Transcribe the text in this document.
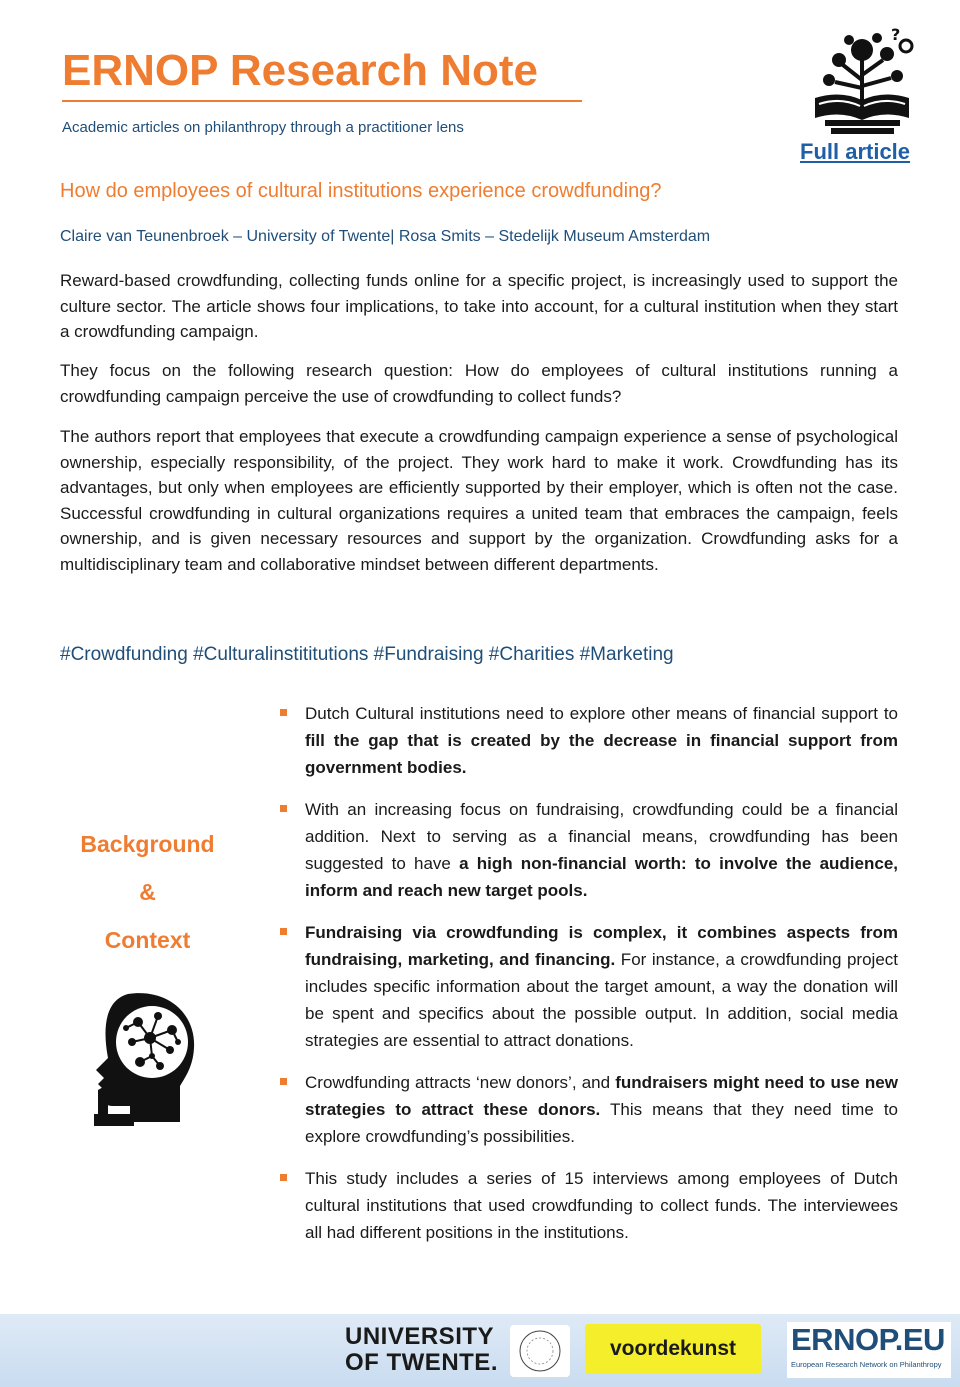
ERNOP Research Note
Academic articles on philanthropy through a practitioner lens
Full article
?
How do employees of cultural institutions experience crowdfunding?
Claire van Teunenbroek – University of Twente| Rosa Smits – Stedelijk Museum Amsterdam
Reward-based crowdfunding, collecting funds online for a specific project, is increasingly used to support the culture sector. The article shows four implications, to take into account, for a cultural institution when they start a crowdfunding campaign.
They focus on the following research question: How do employees of cultural institutions running a crowdfunding campaign perceive the use of crowdfunding to collect funds?
The authors report that employees that execute a crowdfunding campaign experience a sense of psychological ownership, especially responsibility, of the project. They work hard to make it work. Crowdfunding has its advantages, but only when employees are efficiently supported by their employer, which is often not the case. Successful crowdfunding in cultural organizations requires a united team that embraces the campaign, feels ownership, and is given necessary resources and support by the organization. Crowdfunding asks for a multidisciplinary team and collaborative mindset between different departments.
#Crowdfunding #Culturalinstititutions #Fundraising #Charities #Marketing
Background
&
Context
Dutch Cultural institutions need to explore other means of financial support to fill the gap that is created by the decrease in financial support from government bodies.
With an increasing focus on fundraising, crowdfunding could be a financial addition. Next to serving as a financial means, crowdfunding has been suggested to have a high non-financial worth: to involve the audience, inform and reach new target pools.
Fundraising via crowdfunding is complex, it combines aspects from fundraising, marketing, and financing. For instance, a crowdfunding project includes specific information about the target amount, a way the donation will be spent and specifics about the possible output. In addition, social media strategies are essential to attract donations.
Crowdfunding attracts ‘new donors’, and fundraisers might need to use new strategies to attract these donors. This means that they need time to explore crowdfunding’s possibilities.
This study includes a series of 15 interviews among employees of Dutch cultural institutions that used crowdfunding to collect funds. The interviewees all had different positions in the institutions.
UNIVERSITY
OF TWENTE.
voordekunst	ERNOP.EU
European Research Network on Philanthropy
